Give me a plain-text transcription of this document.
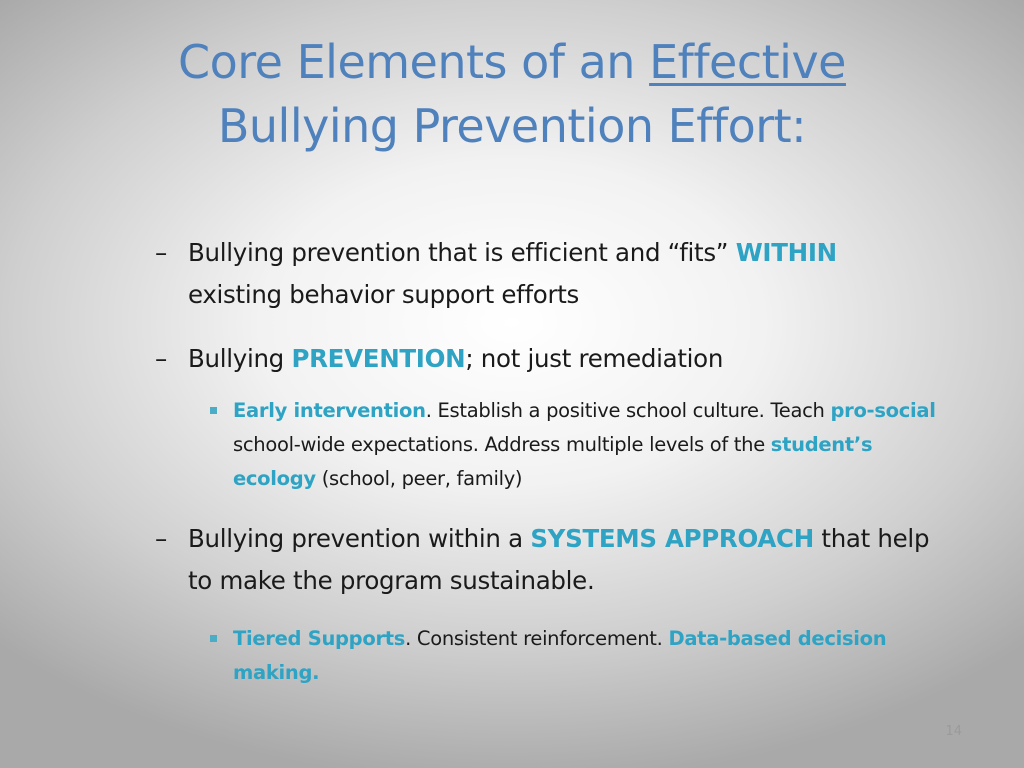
Core Elements of an Effective
Bullying Prevention Effort:
– Bullying prevention that is efficient and “fits” WITHIN
existing behavior support efforts
– Bullying PREVENTION; not just remediation
Early intervention. Establish a positive school culture. Teach pro-social school-wide expectations. Address multiple levels of the student’s ecology (school, peer, family)
– Bullying prevention within a SYSTEMS APPROACH that help to make the program sustainable.
Tiered Supports. Consistent reinforcement. Data-based decision making.
14
